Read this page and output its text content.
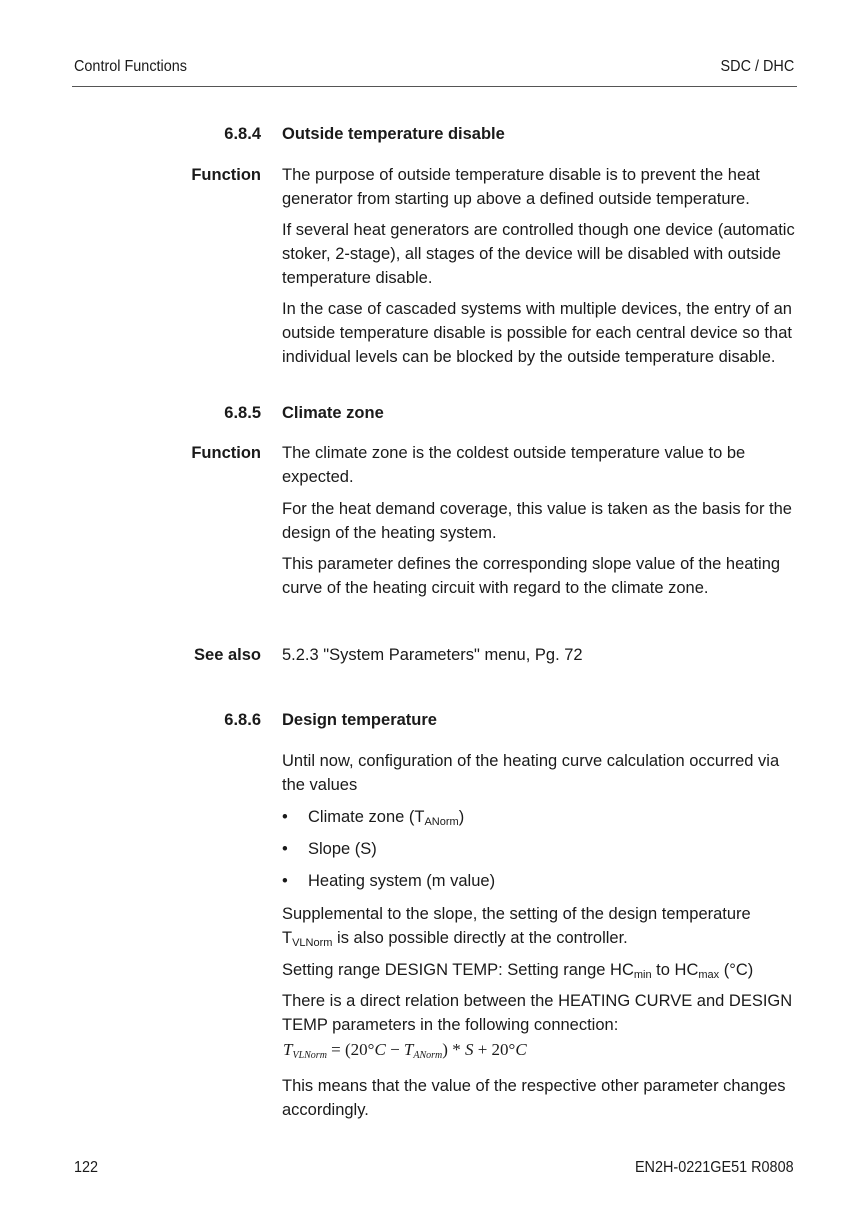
Control Functions	SDC / DHC
6.8.4 Outside temperature disable
Function The purpose of outside temperature disable is to prevent the heat generator from starting up above a defined outside temperature.

If several heat generators are controlled though one device (automatic stoker, 2-stage), all stages of the device will be disabled with outside temperature disable.

In the case of cascaded systems with multiple devices, the entry of an outside temperature disable is possible for each central device so that individual levels can be blocked by the outside temperature disable.

6.8.5 Climate zone
Function The climate zone is the coldest outside temperature value to be expected.

For the heat demand coverage, this value is taken as the basis for the design of the heating system.

This parameter defines the corresponding slope value of the heating curve of the heating circuit with regard to the climate zone.

See also 5.2.3 "System Parameters" menu, Pg. 72
6.8.6 Design temperature

Until now, configuration of the heating curve calculation occurred via the values

• Climate zone $(T_{ANorm})$
• Slope (S)
• Heating system (m value)

Supplemental to the slope, the setting of the design temperature
$T_{VLNorm}$ is also possible directly at the controller.

Setting range DESIGN TEMP: Setting range $HC_{min}$ to $HC_{max}$ (°C)

There is a direct relation between the HEATING CURVE and DESIGN TEMP parameters in the following connection:

$T_{VLNorm} = (20^\circ C - T_{ANorm}) * S + 20^\circ C$

This means that the value of the respective other parameter changes accordingly.

122	EN2H-0221GE51 R0808
